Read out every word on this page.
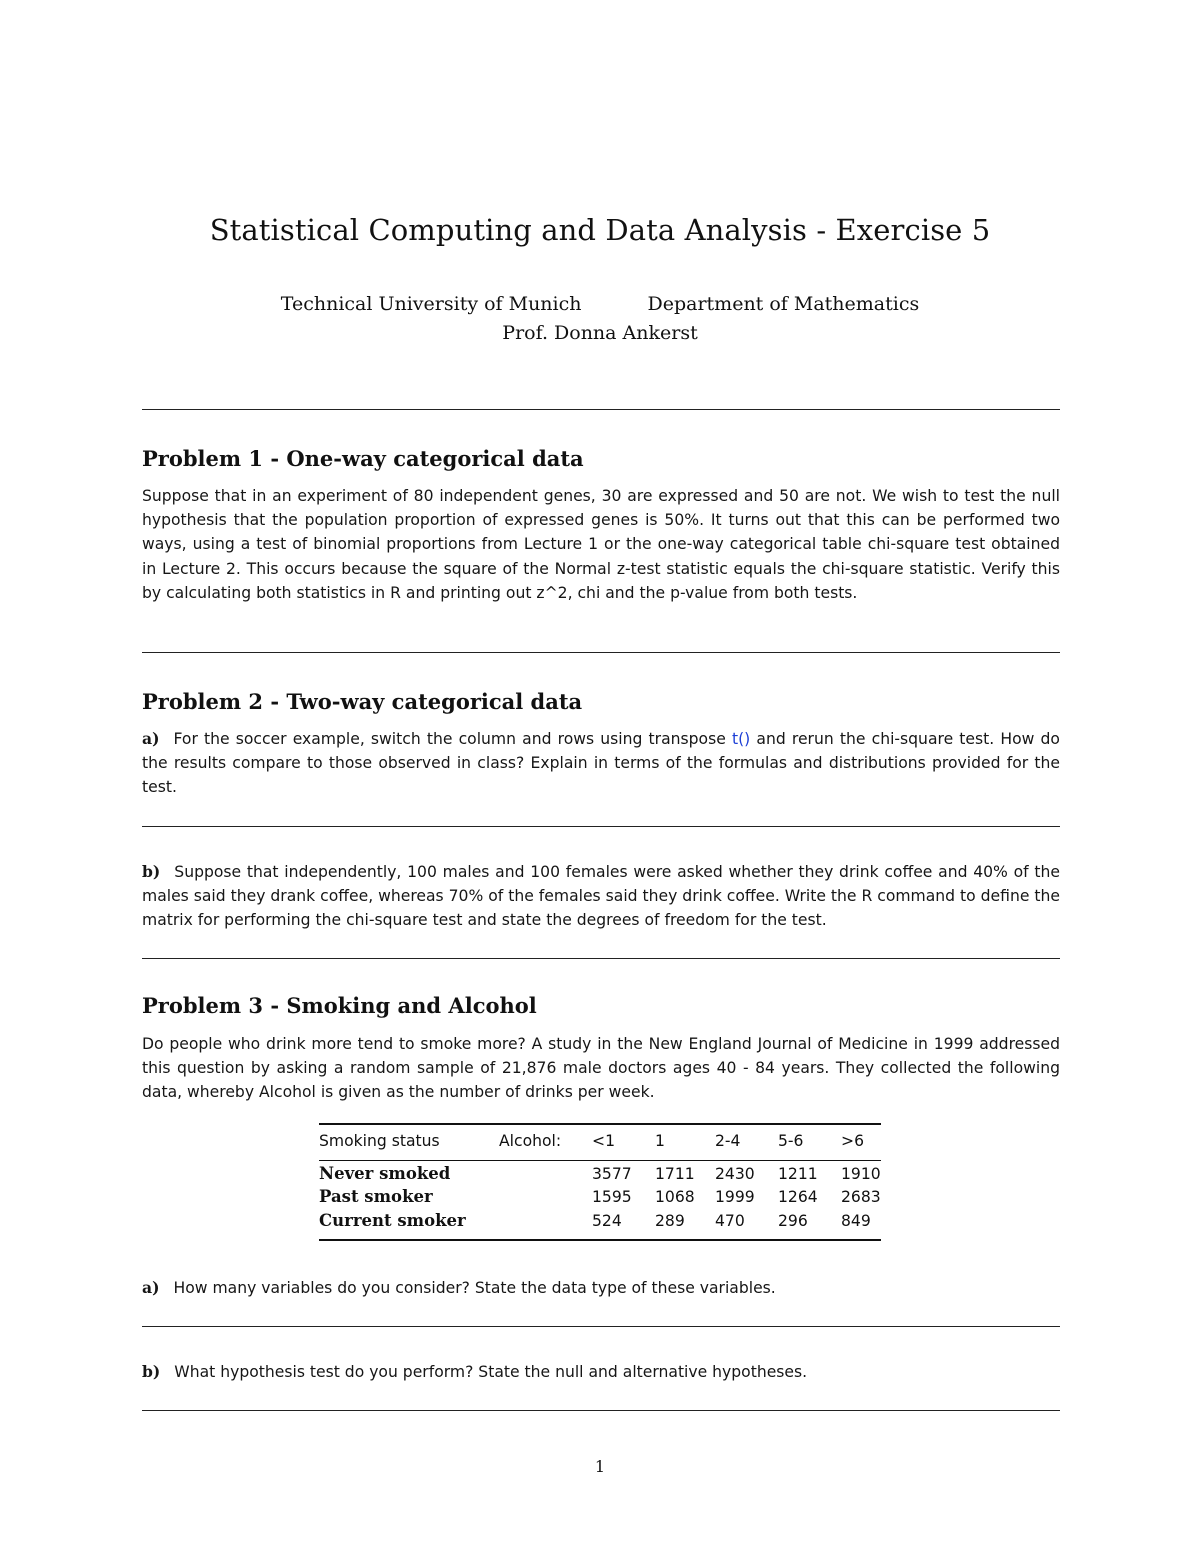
Statistical Computing and Data Analysis - Exercise 5
Technical University of Munich	Department of Mathematics
Prof. Donna Ankerst
Problem 1 - One-way categorical data
Suppose that in an experiment of 80 independent genes, 30 are expressed and 50 are not. We wish to test the null hypothesis that the population proportion of expressed genes is 50%. It turns out that this can be performed two ways, using a test of binomial proportions from Lecture 1 or the one-way categorical table chi-square test obtained in Lecture 2. This occurs because the square of the Normal z-test statistic equals the chi-square statistic. Verify this by calculating both statistics in R and printing out z^2, chi and the p-value from both tests.
Problem 2 - Two-way categorical data
a) For the soccer example, switch the column and rows using transpose t() and rerun the chi-square test. How do the results compare to those observed in class? Explain in terms of the formulas and distributions provided for the test.
b) Suppose that independently, 100 males and 100 females were asked whether they drink coffee and 40% of the males said they drank coffee, whereas 70% of the females said they drink coffee. Write the R command to define the matrix for performing the chi-square test and state the degrees of freedom for the test.
Problem 3 - Smoking and Alcohol
Do people who drink more tend to smoke more? A study in the New England Journal of Medicine in 1999 addressed this question by asking a random sample of 21,876 male doctors ages 40 - 84 years. They collected the following data, whereby Alcohol is given as the number of drinks per week.
Smoking status	Alcohol: <1	1	2-4 5-6 >6
Never smoked	3577 1711 2430 1211 1910
Past smoker	1595 1068 1999 1264 2683
Current smoker	524 289 470 296 849
a) How many variables do you consider? State the data type of these variables.
b) What hypothesis test do you perform? State the null and alternative hypotheses.
1
